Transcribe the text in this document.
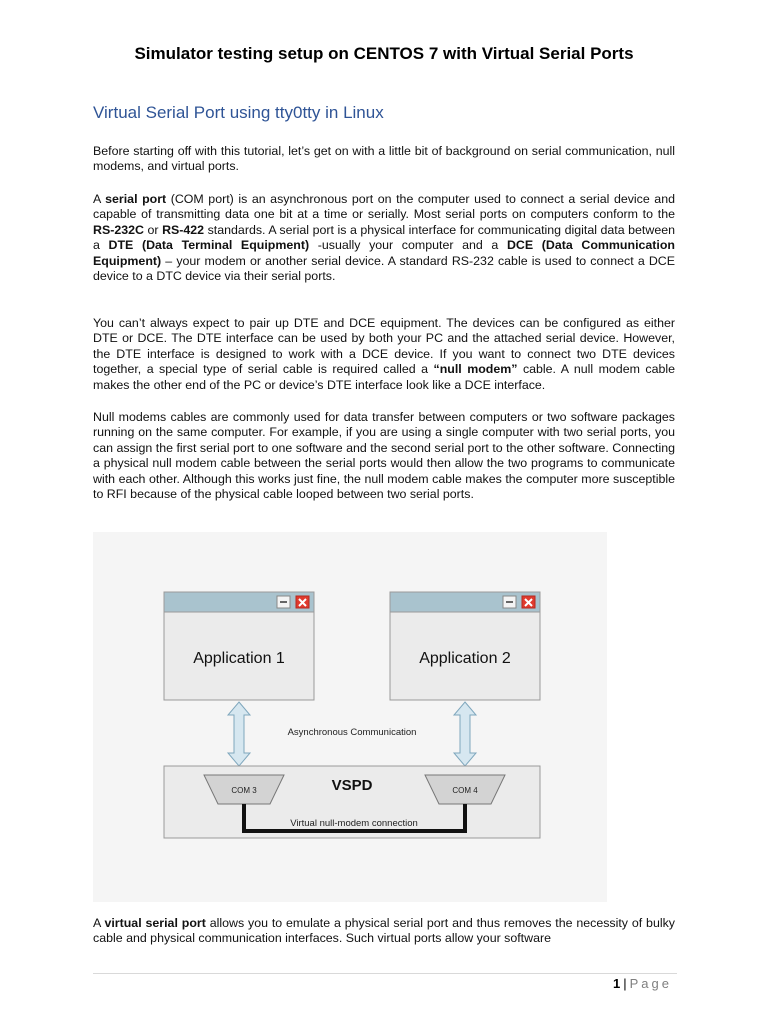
Simulator testing setup on CENTOS 7 with Virtual Serial Ports
Virtual Serial Port using tty0tty in Linux

Before starting off with this tutorial, let’s get on with a little bit of background on serial communication, null modems, and virtual ports.

A serial port (COM port) is an asynchronous port on the computer used to connect a serial device and capable of transmitting data one bit at a time or serially. Most serial ports on computers conform to the RS-232C or RS-422 standards. A serial port is a physical interface for communicating digital data between a DTE (Data Terminal Equipment) -usually your computer and a DCE (Data Communication Equipment) – your modem or another serial device. A standard RS-232 cable is used to connect a DCE device to a DTC device via their serial ports.

You can’t always expect to pair up DTE and DCE equipment. The devices can be configured as either DTE or DCE. The DTE interface can be used by both your PC and the attached serial device. However, the DTE interface is designed to work with a DCE device. If you want to connect two DTE devices together, a special type of serial cable is required called a “null modem” cable. A null modem cable makes the other end of the PC or device’s DTE interface look like a DCE interface.

Null modems cables are commonly used for data transfer between computers or two software packages running on the same computer. For example, if you are using a single computer with two serial ports, you can assign the first serial port to one software and the second serial port to the other software. Connecting a physical null modem cable between the serial ports would then allow the two programs to communicate with each other. Although this works just fine, the null modem cable makes the computer more susceptible to RFI because of the physical cable looped between two serial ports.

Application 1	Application 2
Asynchronous Communication
VSPD
COM 3	COM 4
Virtual null-modem connection

A virtual serial port allows you to emulate a physical serial port and thus removes the necessity of bulky cable and physical communication interfaces. Such virtual ports allow your software

1 | Page
